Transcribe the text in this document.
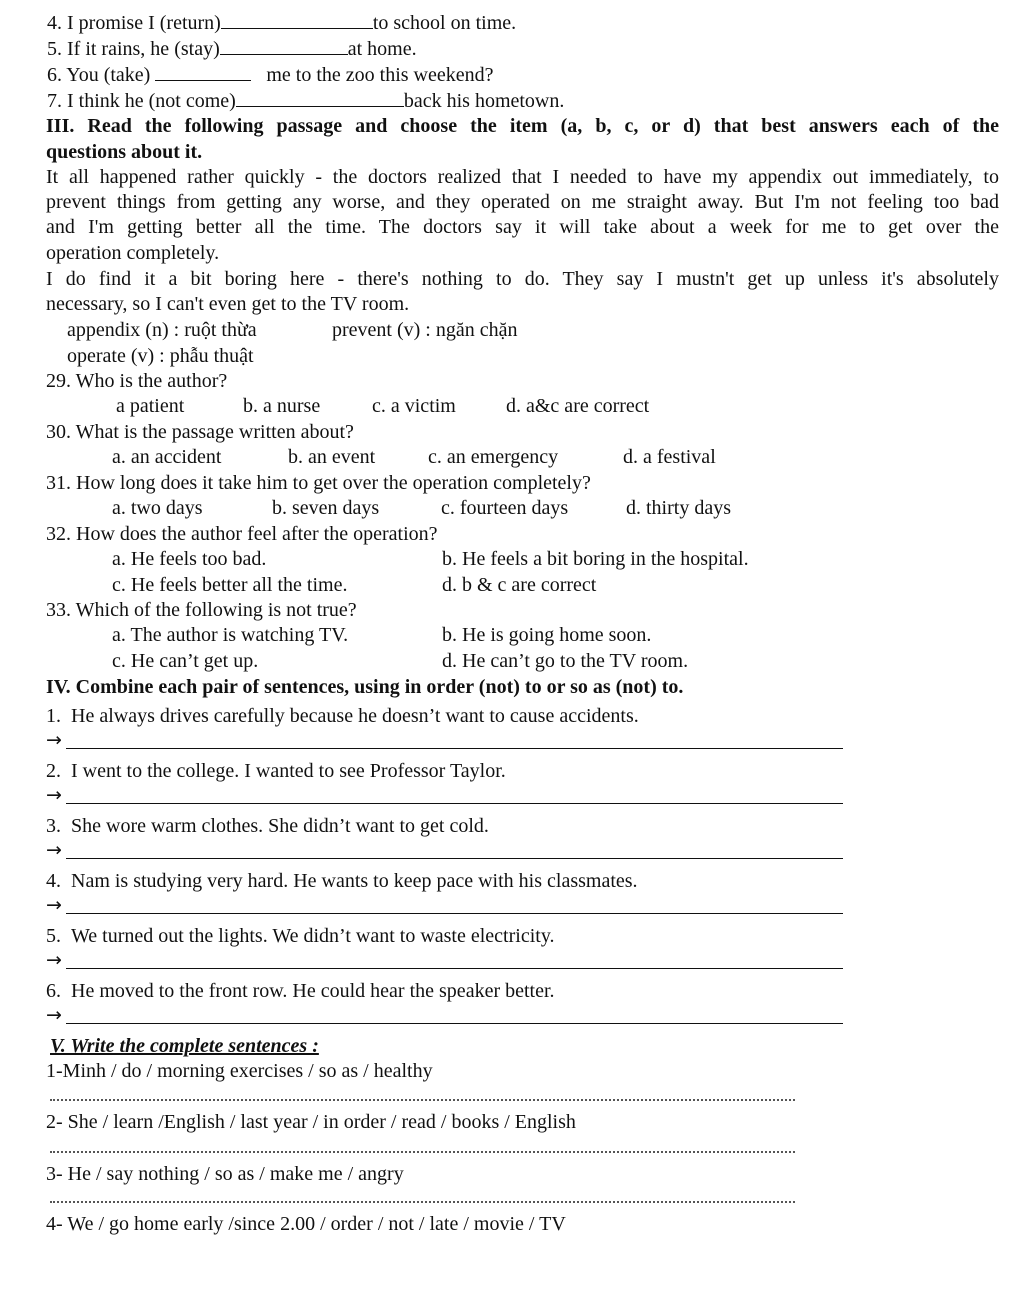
4. I promise I (return)	to school on time.
5. If it rains, he (stay)	at home.
6. You (take)	me to the zoo this weekend?
7. I think he (not come)	back his hometown.
III. Read the following passage and choose the item (a, b, c, or d) that best answers each of the
questions about it.
It all happened rather quickly - the doctors realized that I needed to have my appendix out immediately, to
prevent things from getting any worse, and they operated on me straight away. But I'm not feeling too bad
and I'm getting better all the time. The doctors say it will take about a week for me to get over the
operation completely.
I do find it a bit boring here - there's nothing to do. They say I mustn't get up unless it's absolutely
necessary, so I can't even get to the TV room.
appendix (n) : ruột thừa	prevent (v) : ngăn chặn
operate (v) : phẫu thuật
29. Who is the author?
a patient	b. a nurse	c. a victim	d. a&c are correct
30. What is the passage written about?
a. an accident	b. an event	c. an emergency	d. a festival
31. How long does it take him to get over the operation completely?
a. two days	b. seven days	c. fourteen days	d. thirty days
32. How does the author feel after the operation?
a. He feels too bad.	b. He feels a bit boring in the hospital.
c. He feels better all the time.	d. b & c are correct
33. Which of the following is not true?
a. The author is watching TV.	b. He is going home soon.
c. He can’t get up.	d. He can’t go to the TV room.
IV. Combine each pair of sentences, using in order (not) to or so as (not) to.
1. He always drives carefully because he doesn’t want to cause accidents.
→
2. I went to the college. I wanted to see Professor Taylor.
→
3. She wore warm clothes. She didn’t want to get cold.
→
4. Nam is studying very hard. He wants to keep pace with his classmates.
→
5. We turned out the lights. We didn’t want to waste electricity.
→
6. He moved to the front row. He could hear the speaker better.
→
V. Write the complete sentences :
1-Minh / do / morning exercises / so as / healthy
2- She / learn /English / last year / in order / read / books / English
3- He / say nothing / so as / make me / angry
4- We / go home early /since 2.00 / order / not / late / movie / TV
